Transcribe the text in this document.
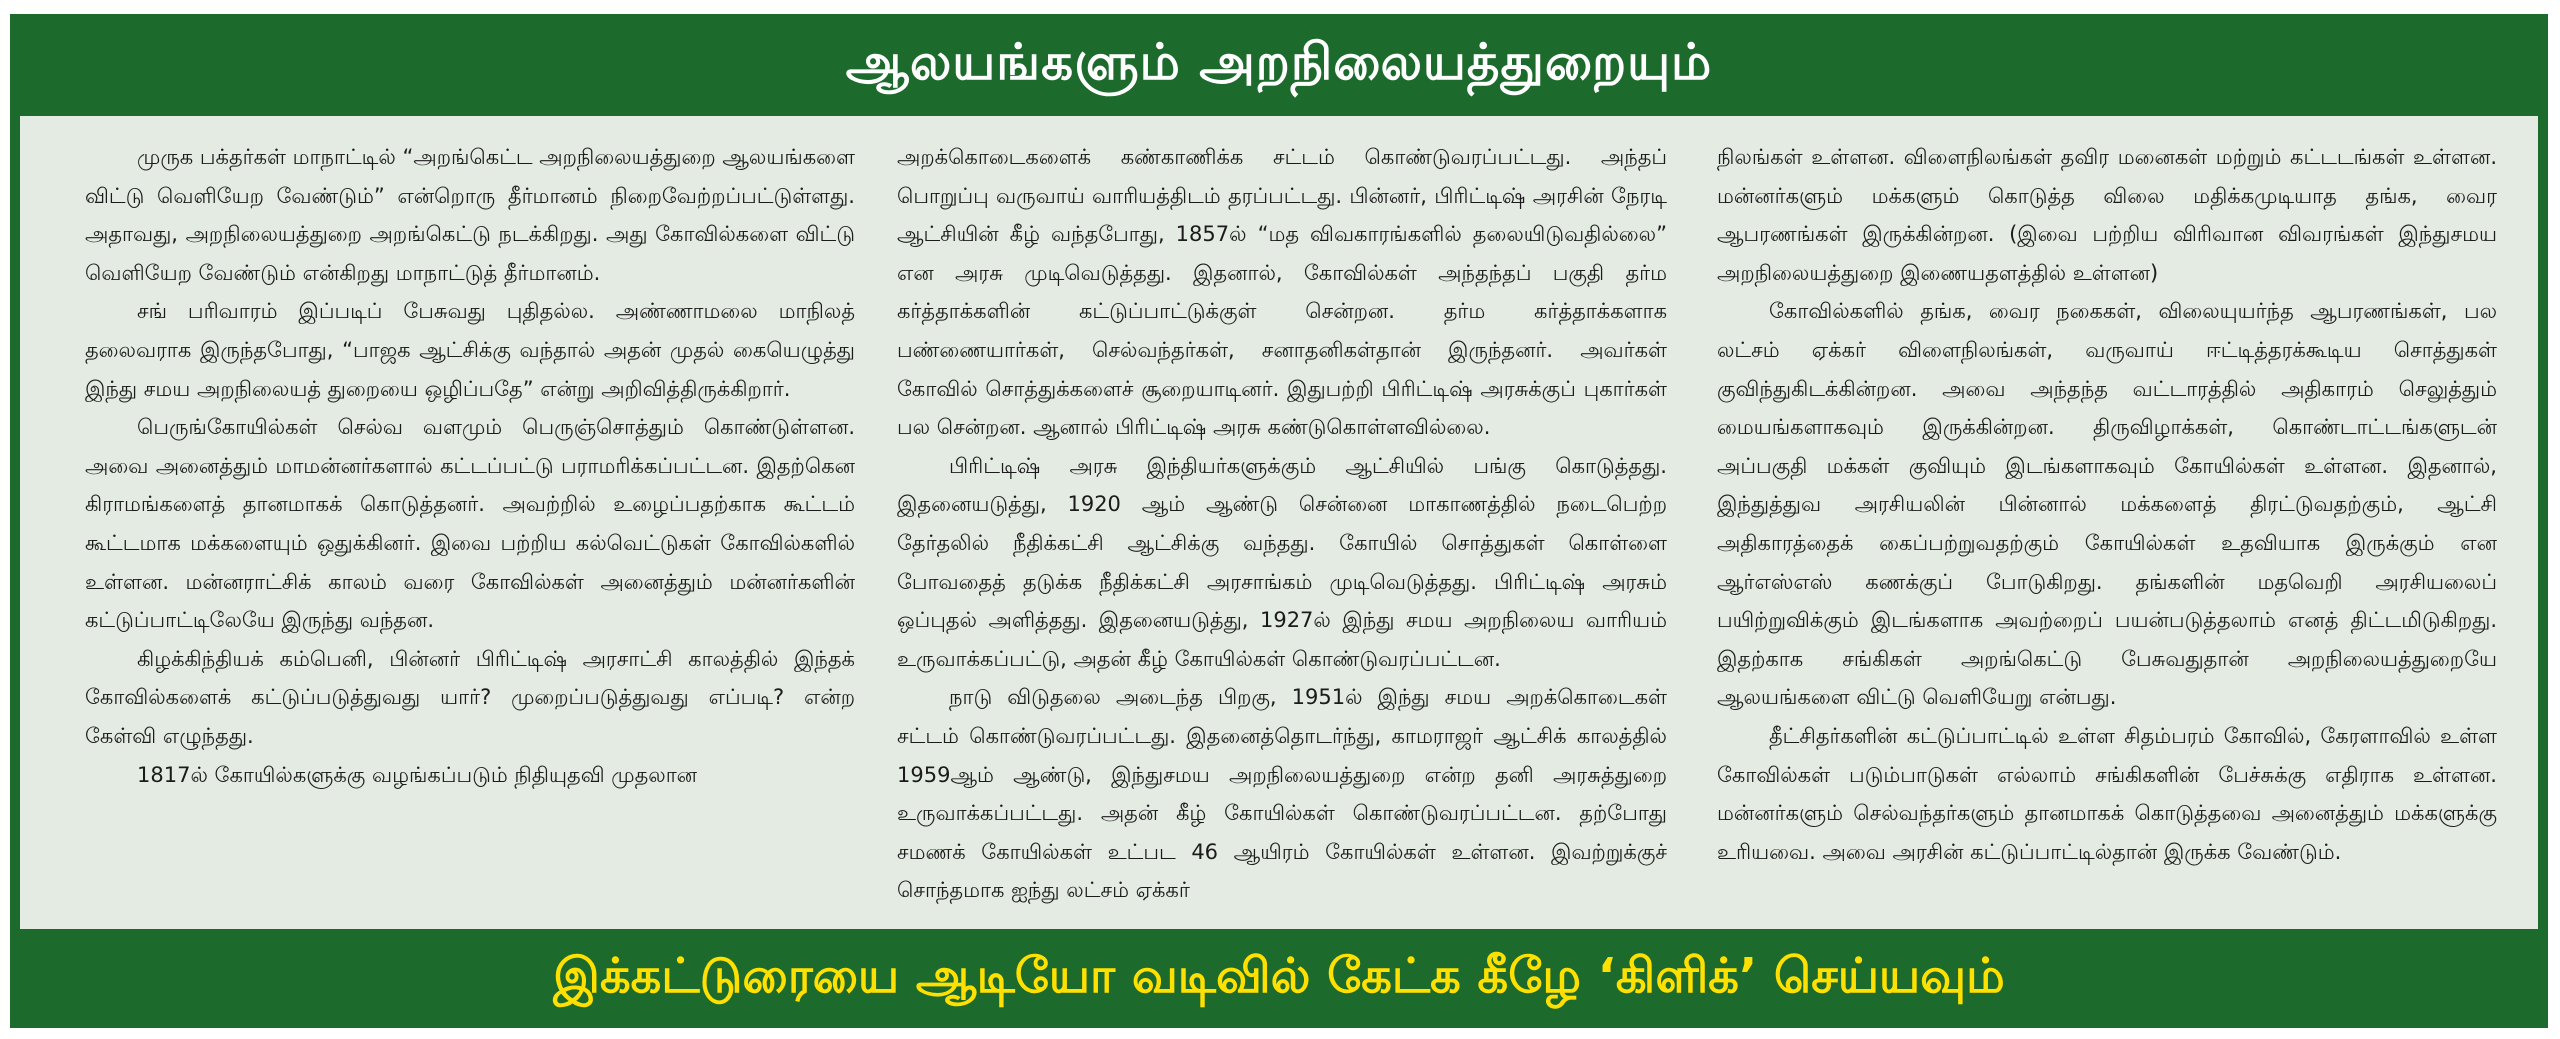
ஆலயங்களும் அறநிலையத்துறையும்

முருக பக்தர்கள் மாநாட்டில் “அறங்கெட்ட அறநிலையத்துறை ஆலயங்களை விட்டு வெளியேற வேண்டும்” என்றொரு தீர்மானம் நிறைவேற்றப்பட்டுள்ளது. அதாவது, அறநிலையத்துறை அறங்கெட்டு நடக்கிறது. அது கோவில்களை விட்டு வெளியேற வேண்டும் என்கிறது மாநாட்டுத் தீர்மானம்.

சங் பரிவாரம் இப்படிப் பேசுவது புதிதல்ல. அண்ணாமலை மாநிலத் தலைவராக இருந்தபோது, “பாஜக ஆட்சிக்கு வந்தால் அதன் முதல் கையெழுத்து இந்து சமய அறநிலையத் துறையை ஒழிப்பதே” என்று அறிவித்திருக்கிறார்.

பெருங்கோயில்கள் செல்வ வளமும் பெருஞ்சொத்தும் கொண்டுள்ளன. அவை அனைத்தும் மாமன்னர்களால் கட்டப்பட்டு பராமரிக்கப்பட்டன. இதற்கென கிராமங்களைத் தானமாகக் கொடுத்தனர். அவற்றில் உழைப்பதற்காக கூட்டம் கூட்டமாக மக்களையும் ஒதுக்கினர். இவை பற்றிய கல்வெட்டுகள் கோவில்களில் உள்ளன. மன்னராட்சிக் காலம் வரை கோவில்கள் அனைத்தும் மன்னர்களின் கட்டுப்பாட்டிலேயே இருந்து வந்தன.

கிழக்கிந்தியக் கம்பெனி, பின்னர் பிரிட்டிஷ் அரசாட்சி காலத்தில் இந்தக் கோவில்களைக் கட்டுப்படுத்துவது யார்? முறைப்படுத்துவது எப்படி? என்ற கேள்வி எழுந்தது.

1817ல் கோயில்களுக்கு வழங்கப்படும் நிதியுதவி முதலான

அறக்கொடைகளைக் கண்காணிக்க சட்டம் கொண்டுவரப்பட்டது. அந்தப் பொறுப்பு வருவாய் வாரியத்திடம் தரப்பட்டது. பின்னர், பிரிட்டிஷ் அரசின் நேரடி ஆட்சியின் கீழ் வந்தபோது, 1857ல் “மத விவகாரங்களில் தலையிடுவதில்லை” என அரசு முடிவெடுத்தது. இதனால், கோவில்கள் அந்தந்தப் பகுதி தர்ம கர்த்தாக்களின் கட்டுப்பாட்டுக்குள் சென்றன. தர்ம கர்த்தாக்களாக பண்ணையார்கள், செல்வந்தர்கள், சனாதனிகள்தான் இருந்தனர். அவர்கள் கோவில் சொத்துக்களைச் சூறையாடினர். இதுபற்றி பிரிட்டிஷ் அரசுக்குப் புகார்கள் பல சென்றன. ஆனால் பிரிட்டிஷ் அரசு கண்டுகொள்ளவில்லை.

பிரிட்டிஷ் அரசு இந்தியர்களுக்கும் ஆட்சியில் பங்கு கொடுத்தது. இதனையடுத்து, 1920 ஆம் ஆண்டு சென்னை மாகாணத்தில் நடைபெற்ற தேர்தலில் நீதிக்கட்சி ஆட்சிக்கு வந்தது. கோயில் சொத்துகள் கொள்ளை போவதைத் தடுக்க நீதிக்கட்சி அரசாங்கம் முடிவெடுத்தது. பிரிட்டிஷ் அரசும் ஒப்புதல் அளித்தது. இதனையடுத்து, 1927ல் இந்து சமய அறநிலைய வாரியம் உருவாக்கப்பட்டு, அதன் கீழ் கோயில்கள் கொண்டுவரப்பட்டன.

நாடு விடுதலை அடைந்த பிறகு, 1951ல் இந்து சமய அறக்கொடைகள் சட்டம் கொண்டுவரப்பட்டது. இதனைத்தொடர்ந்து, காமராஜர் ஆட்சிக் காலத்தில் 1959ஆம் ஆண்டு, இந்துசமய அறநிலையத்துறை என்ற தனி அரசுத்துறை உருவாக்கப்பட்டது. அதன் கீழ் கோயில்கள் கொண்டுவரப்பட்டன. தற்போது சமணக் கோயில்கள் உட்பட 46 ஆயிரம் கோயில்கள் உள்ளன. இவற்றுக்குச் சொந்தமாக ஐந்து லட்சம் ஏக்கர்

நிலங்கள் உள்ளன. விளைநிலங்கள் தவிர மனைகள் மற்றும் கட்டடங்கள் உள்ளன. மன்னர்களும் மக்களும் கொடுத்த விலை மதிக்கமுடியாத தங்க, வைர ஆபரணங்கள் இருக்கின்றன. (இவை பற்றிய விரிவான விவரங்கள் இந்துசமய அறநிலையத்துறை இணையதளத்தில் உள்ளன)

கோவில்களில் தங்க, வைர நகைகள், விலையுயர்ந்த ஆபரணங்கள், பல லட்சம் ஏக்கர் விளைநிலங்கள், வருவாய் ஈட்டித்தரக்கூடிய சொத்துகள் குவிந்துகிடக்கின்றன. அவை அந்தந்த வட்டாரத்தில் அதிகாரம் செலுத்தும் மையங்களாகவும் இருக்கின்றன. திருவிழாக்கள், கொண்டாட்டங்களுடன் அப்பகுதி மக்கள் குவியும் இடங்களாகவும் கோயில்கள் உள்ளன. இதனால், இந்துத்துவ அரசியலின் பின்னால் மக்களைத் திரட்டுவதற்கும், ஆட்சி அதிகாரத்தைக் கைப்பற்றுவதற்கும் கோயில்கள் உதவியாக இருக்கும் என ஆர்எஸ்எஸ் கணக்குப் போடுகிறது. தங்களின் மதவெறி அரசியலைப் பயிற்றுவிக்கும் இடங்களாக அவற்றைப் பயன்படுத்தலாம் எனத் திட்டமிடுகிறது. இதற்காக சங்கிகள் அறங்கெட்டு பேசுவதுதான் அறநிலையத்துறையே ஆலயங்களை விட்டு வெளியேறு என்பது.

தீட்சிதர்களின் கட்டுப்பாட்டில் உள்ள சிதம்பரம் கோவில், கேரளாவில் உள்ள கோவில்கள் படும்பாடுகள் எல்லாம் சங்கிகளின் பேச்சுக்கு எதிராக உள்ளன. மன்னர்களும் செல்வந்தர்களும் தானமாகக் கொடுத்தவை அனைத்தும் மக்களுக்கு உரியவை. அவை அரசின் கட்டுப்பாட்டில்தான் இருக்க வேண்டும்.

இக்கட்டுரையை ஆடியோ வடிவில் கேட்க கீழே ‘கிளிக்’ செய்யவும்
